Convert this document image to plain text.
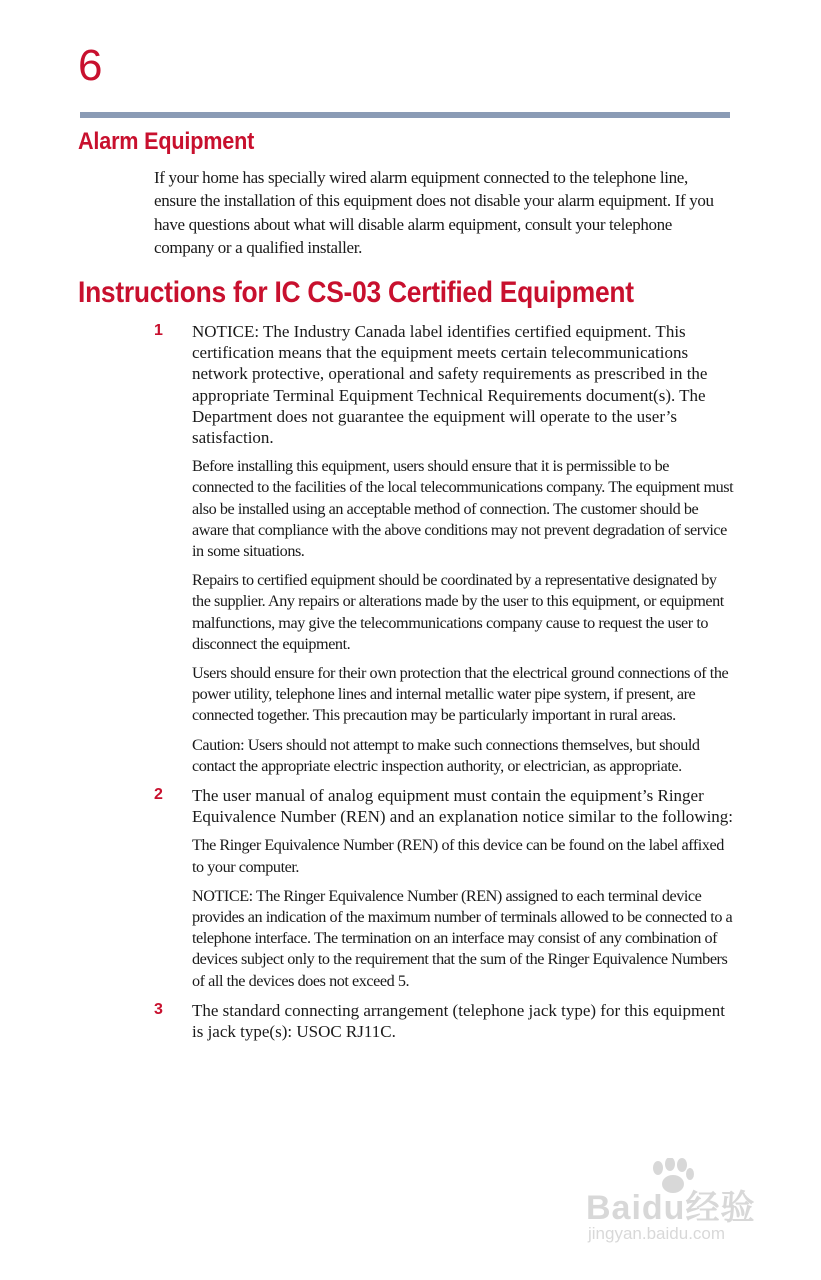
6
Alarm Equipment
If your home has specially wired alarm equipment connected to the telephone line, ensure the installation of this equipment does not disable your alarm equipment. If you have questions about what will disable alarm equipment, consult your telephone company or a qualified installer.
Instructions for IC CS-03 Certified Equipment
1 NOTICE: The Industry Canada label identifies certified equipment. This certification means that the equipment meets certain telecommunications network protective, operational and safety requirements as prescribed in the appropriate Terminal Equipment Technical Requirements document(s). The Department does not guarantee the equipment will operate to the user’s satisfaction.

Before installing this equipment, users should ensure that it is permissible to be connected to the facilities of the local telecommunications company. The equipment must also be installed using an acceptable method of connection. The customer should be aware that compliance with the above conditions may not prevent degradation of service in some situations.

Repairs to certified equipment should be coordinated by a representative designated by the supplier. Any repairs or alterations made by the user to this equipment, or equipment malfunctions, may give the telecommunications company cause to request the user to disconnect the equipment.

Users should ensure for their own protection that the electrical ground connections of the power utility, telephone lines and internal metallic water pipe system, if present, are connected together. This precaution may be particularly important in rural areas.

Caution: Users should not attempt to make such connections themselves, but should contact the appropriate electric inspection authority, or electrician, as appropriate.

2 The user manual of analog equipment must contain the equipment’s Ringer Equivalence Number (REN) and an explanation notice similar to the following:

The Ringer Equivalence Number (REN) of this device can be found on the label affixed to your computer.

NOTICE: The Ringer Equivalence Number (REN) assigned to each terminal device provides an indication of the maximum number of terminals allowed to be connected to a telephone interface. The termination on an interface may consist of any combination of devices subject only to the requirement that the sum of the Ringer Equivalence Numbers of all the devices does not exceed 5.

3 The standard connecting arrangement (telephone jack type) for this equipment is jack type(s): USOC RJ11C.

Baidu经验
jingyan.baidu.com
